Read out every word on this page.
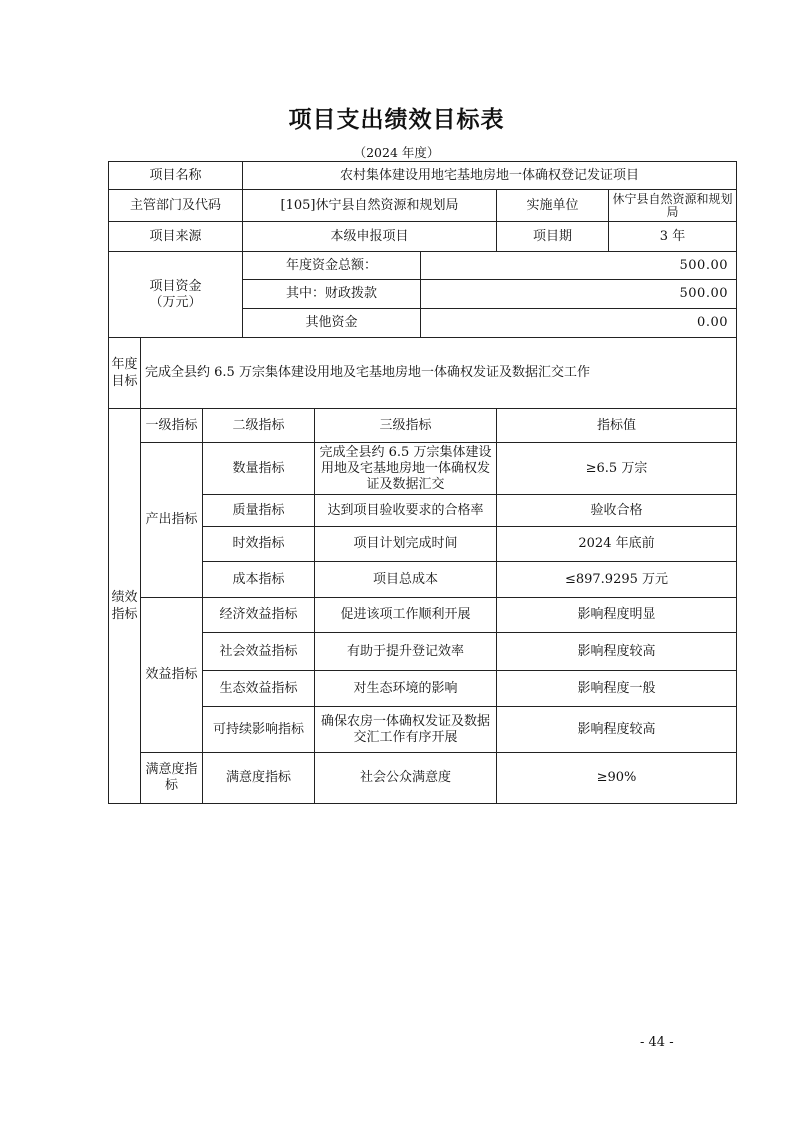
项目支出绩效目标表
（2024 年度）
项目名称			农村集体建设用地宅基地房地一体确权登记发证项目				
主管部门及代码			[105]休宁县自然资源和规划局			实施单位	休宁县自然资源和规划局
项目来源			本级申报项目			项目期	3 年

项目资金
（万元）			年度资金总额：		500.00		
			其中：财政拨款		500.00		
			其他资金		0.00		
年度目标	完成全县约 6.5 万宗集体建设用地及宅基地房地一体确权发证及数据汇交工作						
绩效指标	一级指标	二级指标		三级指标		指标值	
	产出指标	数量指标		完成全县约 6.5 万宗集体建设用地及宅基地房地一体确权发证及数据汇交		≥6.5 万宗	
		质量指标		达到项目验收要求的合格率		验收合格	
		时效指标		项目计划完成时间		2024 年底前	
		成本指标		项目总成本		≤897.9295 万元	
	效益指标	经济效益指标		促进该项工作顺利开展		影响程度明显	
		社会效益指标		有助于提升登记效率		影响程度较高	
		生态效益指标		对生态环境的影响		影响程度一般	
		可持续影响指标		确保农房一体确权发证及数据交汇工作有序开展		影响程度较高	
	满意度指标	满意度指标		社会公众满意度		≥90%	
- 44 -
